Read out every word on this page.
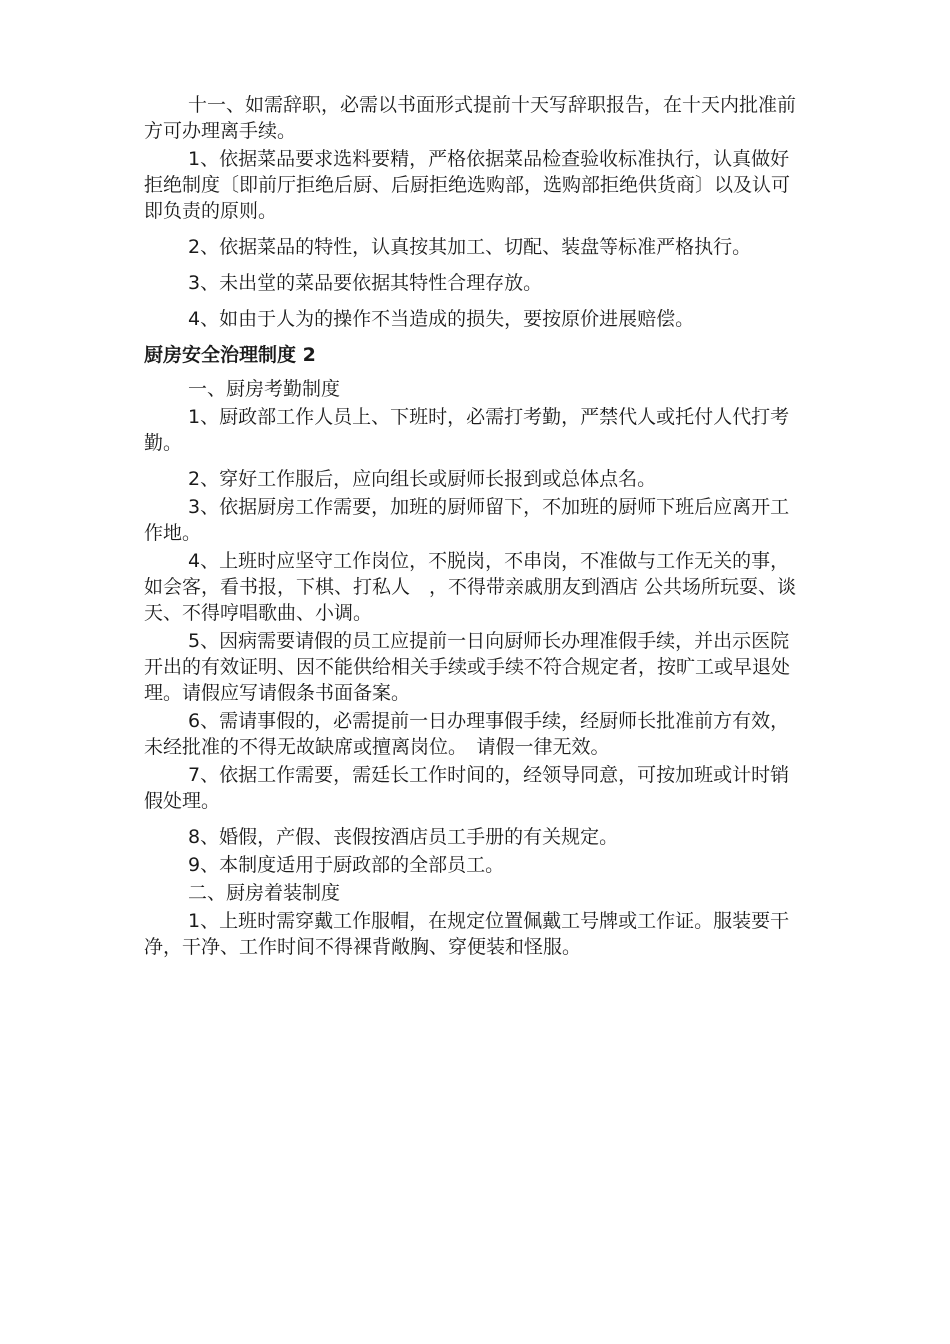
十一、如需辞职，必需以书面形式提前十天写辞职报告，在十天内批准前方可办理离手续。

1、依据菜品要求选料要精，严格依据菜品检查验收标准执行，认真做好拒绝制度〔即前厅拒绝后厨、后厨拒绝选购部，选购部拒绝供货商〕以及认可即负责的原则。

2、依据菜品的特性，认真按其加工、切配、装盘等标准严格执行。

3、未出堂的菜品要依据其特性合理存放。

4、如由于人为的操作不当造成的损失，要按原价进展赔偿。

厨房安全治理制度 2

一、厨房考勤制度

1、厨政部工作人员上、下班时，必需打考勤，严禁代人或托付人代打考勤。

2、穿好工作服后，应向组长或厨师长报到或总体点名。

3、依据厨房工作需要，加班的厨师留下，不加班的厨师下班后应离开工作地。

4、上班时应坚守工作岗位，不脱岗，不串岗，不准做与工作无关的事，如会客，看书报，下棋、打私人　，不得带亲戚朋友到酒店 公共场所玩耍、谈天、不得哼唱歌曲、小调。

5、因病需要请假的员工应提前一日向厨师长办理准假手续，并出示医院开出的有效证明、因不能供给相关手续或手续不符合规定者，按旷工或早退处理。请假应写请假条书面备案。

6、需请事假的，必需提前一日办理事假手续，经厨师长批准前方有效，未经批准的不得无故缺席或擅离岗位。　请假一律无效。

7、依据工作需要，需廷长工作时间的，经领导同意，可按加班或计时销假处理。

8、婚假，产假、丧假按酒店员工手册的有关规定。

9、本制度适用于厨政部的全部员工。

二、厨房着装制度

1、上班时需穿戴工作服帽，在规定位置佩戴工号牌或工作证。服装要干净，干净、工作时间不得裸背敞胸、穿便装和怪服。
